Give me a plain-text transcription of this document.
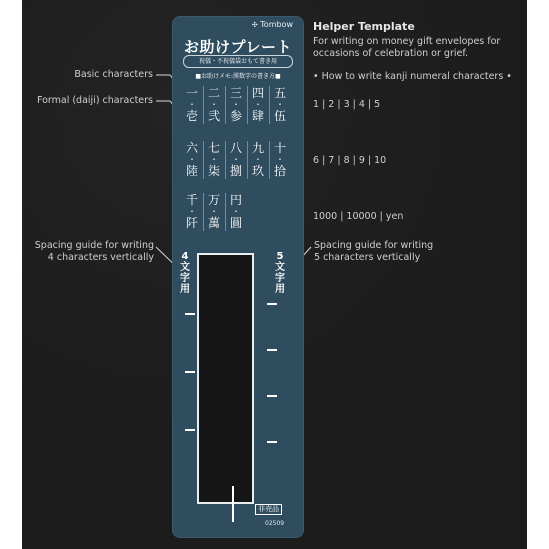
✣ Tombow
お助けプレート
祝儀・不祝儀袋おもて書き用
■お助けメモ:漢数字の書き方■
一
・
壱
二
・
弐
三
・
参
四
・
肆
五
・
伍
六
・
陸
七
・
柒
八
・
捌
九
・
玖
十
・
拾
千
・
阡
万
・
萬
円
・
圓
4
文
字
用
5
文
字
用
非売品
02509
Basic characters
Formal (daiji) characters
Spacing guide for writing
4 characters vertically
Spacing guide for writing
5 characters vertically
Helper Template
For writing on money gift envelopes for occasions of celebration or grief.
• How to write kanji numeral characters •
1 | 2 | 3 | 4 | 5
6 | 7 | 8 | 9 | 10
1000 | 10000 | yen
